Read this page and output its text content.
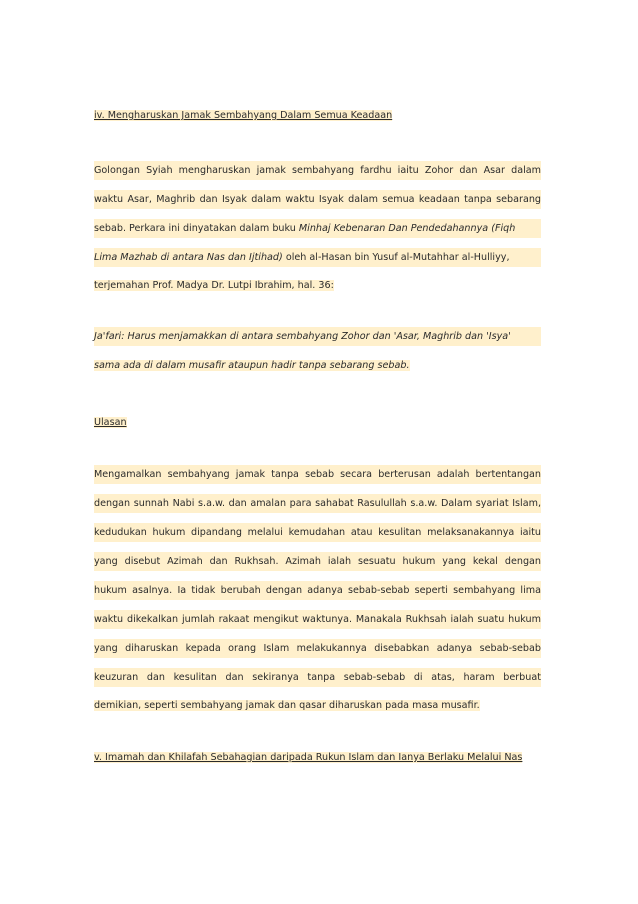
iv. Mengharuskan Jamak Sembahyang Dalam Semua Keadaan
Golongan Syiah mengharuskan jamak sembahyang fardhu iaitu Zohor dan Asar dalam
waktu Asar, Maghrib dan Isyak dalam waktu Isyak dalam semua keadaan tanpa sebarang
sebab. Perkara ini dinyatakan dalam buku Minhaj Kebenaran Dan Pendedahannya (Fiqh
Lima Mazhab di antara Nas dan Ijtihad) oleh al-Hasan bin Yusuf al-Mutahhar al-Hulliyy,
terjemahan Prof. Madya Dr. Lutpi Ibrahim, hal. 36:
Ja'fari: Harus menjamakkan di antara sembahyang Zohor dan 'Asar, Maghrib dan 'Isya'
sama ada di dalam musafir ataupun hadir tanpa sebarang sebab.
Ulasan
Mengamalkan sembahyang jamak tanpa sebab secara berterusan adalah bertentangan
dengan sunnah Nabi s.a.w. dan amalan para sahabat Rasulullah s.a.w. Dalam syariat Islam,
kedudukan hukum dipandang melalui kemudahan atau kesulitan melaksanakannya iaitu
yang disebut Azimah dan Rukhsah. Azimah ialah sesuatu hukum yang kekal dengan
hukum asalnya. Ia tidak berubah dengan adanya sebab-sebab seperti sembahyang lima
waktu dikekalkan jumlah rakaat mengikut waktunya. Manakala Rukhsah ialah suatu hukum
yang diharuskan kepada orang Islam melakukannya disebabkan adanya sebab-sebab
keuzuran dan kesulitan dan sekiranya tanpa sebab-sebab di atas, haram berbuat
demikian, seperti sembahyang jamak dan qasar diharuskan pada masa musafir.
v. Imamah dan Khilafah Sebahagian daripada Rukun Islam dan Ianya Berlaku Melalui Nas
